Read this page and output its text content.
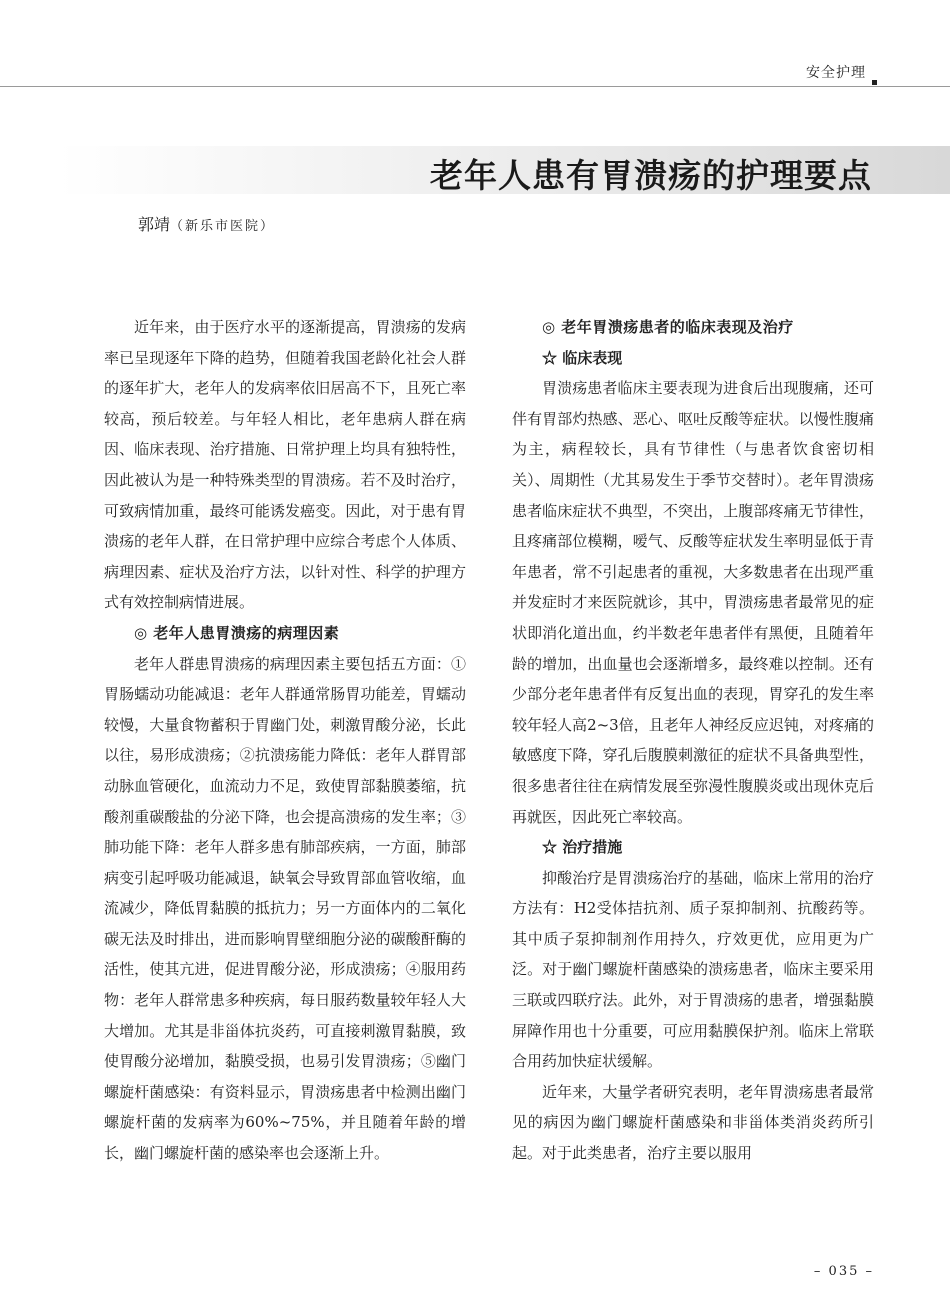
安全护理
老年人患有胃溃疡的护理要点
郭靖（新乐市医院）

近年来，由于医疗水平的逐渐提高，胃溃疡的发病率已呈现逐年下降的趋势，但随着我国老龄化社会人群的逐年扩大，老年人的发病率依旧居高不下，且死亡率较高，预后较差。与年轻人相比，老年患病人群在病因、临床表现、治疗措施、日常护理上均具有独特性，因此被认为是一种特殊类型的胃溃疡。若不及时治疗，可致病情加重，最终可能诱发癌变。因此，对于患有胃溃疡的老年人群，在日常护理中应综合考虑个人体质、病理因素、症状及治疗方法，以针对性、科学的护理方式有效控制病情进展。

◎ 老年人患胃溃疡的病理因素

老年人群患胃溃疡的病理因素主要包括五方面：①胃肠蠕动功能减退：老年人群通常肠胃功能差，胃蠕动较慢，大量食物蓄积于胃幽门处，刺激胃酸分泌，长此以往，易形成溃疡；②抗溃疡能力降低：老年人群胃部动脉血管硬化，血流动力不足，致使胃部黏膜萎缩，抗酸剂重碳酸盐的分泌下降，也会提高溃疡的发生率；③肺功能下降：老年人群多患有肺部疾病，一方面，肺部病变引起呼吸功能减退，缺氧会导致胃部血管收缩，血流减少，降低胃黏膜的抵抗力；另一方面体内的二氧化碳无法及时排出，进而影响胃壁细胞分泌的碳酸酐酶的活性，使其亢进，促进胃酸分泌，形成溃疡；④服用药物：老年人群常患多种疾病，每日服药数量较年轻人大大增加。尤其是非甾体抗炎药，可直接刺激胃黏膜，致使胃酸分泌增加，黏膜受损，也易引发胃溃疡；⑤幽门螺旋杆菌感染：有资料显示，胃溃疡患者中检测出幽门螺旋杆菌的发病率为60%~75%，并且随着年龄的增长，幽门螺旋杆菌的感染率也会逐渐上升。

◎ 老年胃溃疡患者的临床表现及治疗
☆ 临床表现

胃溃疡患者临床主要表现为进食后出现腹痛，还可伴有胃部灼热感、恶心、呕吐反酸等症状。以慢性腹痛为主，病程较长，具有节律性（与患者饮食密切相关）、周期性（尤其易发生于季节交替时）。老年胃溃疡患者临床症状不典型，不突出，上腹部疼痛无节律性，且疼痛部位模糊，嗳气、反酸等症状发生率明显低于青年患者，常不引起患者的重视，大多数患者在出现严重并发症时才来医院就诊，其中，胃溃疡患者最常见的症状即消化道出血，约半数老年患者伴有黑便，且随着年龄的增加，出血量也会逐渐增多，最终难以控制。还有少部分老年患者伴有反复出血的表现，胃穿孔的发生率较年轻人高2~3倍，且老年人神经反应迟钝，对疼痛的敏感度下降，穿孔后腹膜刺激征的症状不具备典型性，很多患者往往在病情发展至弥漫性腹膜炎或出现休克后再就医，因此死亡率较高。

☆ 治疗措施

抑酸治疗是胃溃疡治疗的基础，临床上常用的治疗方法有：H2受体拮抗剂、质子泵抑制剂、抗酸药等。其中质子泵抑制剂作用持久，疗效更优，应用更为广泛。对于幽门螺旋杆菌感染的溃疡患者，临床主要采用三联或四联疗法。此外，对于胃溃疡的患者，增强黏膜屏障作用也十分重要，可应用黏膜保护剂。临床上常联合用药加快症状缓解。

近年来，大量学者研究表明，老年胃溃疡患者最常见的病因为幽门螺旋杆菌感染和非甾体类消炎药所引起。对于此类患者，治疗主要以服用

– 035 –
